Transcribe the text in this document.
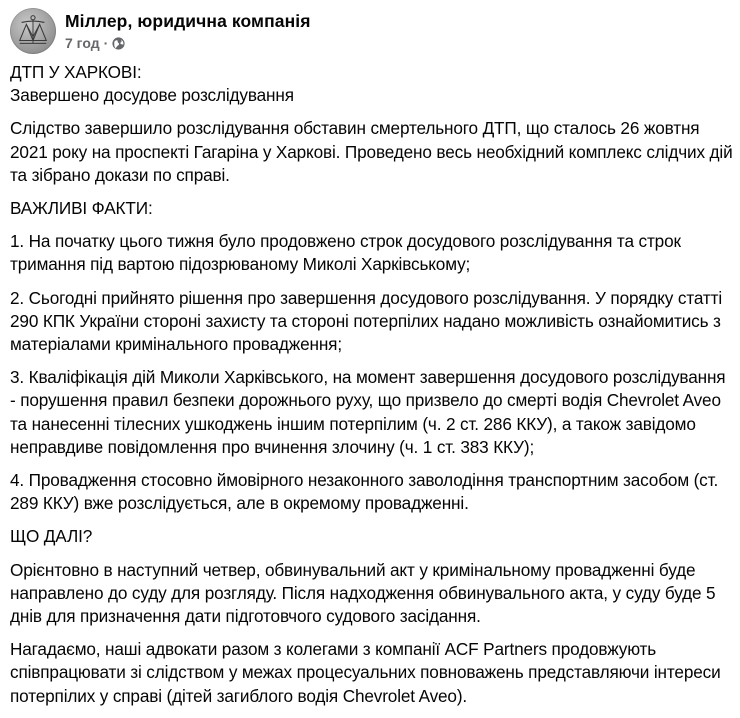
Міллер, юридична компанія
7 год ·

ДТП У ХАРКОВІ:

Завершено досудове розслідування

Слідство завершило розслідування обставин смертельного ДТП, що сталось 26 жовтня 2021 року на проспекті Гагаріна у Харкові. Проведено весь необхідний комплекс слідчих дій та зібрано докази по справі.

ВАЖЛИВІ ФАКТИ:

1. На початку цього тижня було продовжено строк досудового розслідування та строк тримання під вартою підозрюваному Миколі Харківському;

2. Сьогодні прийнято рішення про завершення досудового розслідування. У порядку статті 290 КПК України стороні захисту та стороні потерпілих надано можливість ознайомитись з матеріалами кримінального провадження;

3. Кваліфікація дій Миколи Харківського, на момент завершення досудового розслідування - порушення правил безпеки дорожнього руху, що призвело до смерті водія Chevrolet Aveo та нанесенні тілесних ушкоджень іншим потерпілим (ч. 2 ст. 286 ККУ), а також завідомо неправдиве повідомлення про вчинення злочину (ч. 1 ст. 383 ККУ);

4. Провадження стосовно ймовірного незаконного заволодіння транспортним засобом (ст. 289 ККУ) вже розслідується, але в окремому провадженні.

ЩО ДАЛІ?

Орієнтовно в наступний четвер, обвинувальний акт у кримінальному провадженні буде направлено до суду для розгляду. Після надходження обвинувального акта, у суду буде 5 днів для призначення дати підготовчого судового засідання.

Нагадаємо, наші адвокати разом з колегами з компанії ACF Partners продовжують співпрацювати зі слідством у межах процесуальних повноважень представляючи інтереси потерпілих у справі (дітей загиблого водія Chevrolet Aveo).
